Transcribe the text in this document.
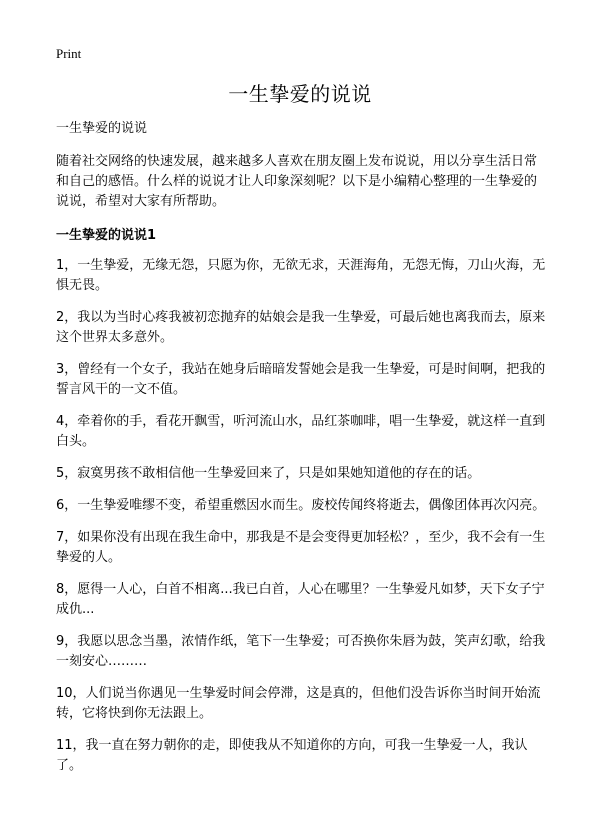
Print
一生挚爱的说说

一生挚爱的说说

随着社交网络的快速发展，越来越多人喜欢在朋友圈上发布说说，用以分享生活日常和自己的感悟。什么样的说说才让人印象深刻呢？以下是小编精心整理的一生挚爱的说说，希望对大家有所帮助。

一生挚爱的说说1

1，一生挚爱，无缘无怨，只愿为你，无欲无求，天涯海角，无怨无悔，刀山火海，无惧无畏。

2，我以为当时心疼我被初恋抛弃的姑娘会是我一生挚爱，可最后她也离我而去，原来这个世界太多意外。

3，曾经有一个女子，我站在她身后暗暗发誓她会是我一生挚爱，可是时间啊，把我的誓言风干的一文不值。

4，牵着你的手，看花开飘雪，听河流山水，品红茶咖啡，唱一生挚爱，就这样一直到白头。

5，寂寞男孩不敢相信他一生挚爱回来了，只是如果她知道他的存在的话。

6，一生挚爱唯缪不变，希望重燃因水而生。废校传闻终将逝去，偶像团体再次闪亮。

7，如果你没有出现在我生命中，那我是不是会变得更加轻松？，至少，我不会有一生挚爱的人。

8，愿得一人心，白首不相离...我已白首，人心在哪里？一生挚爱凡如梦，天下女子宁成仇...

9，我愿以思念当墨，浓情作纸，笔下一生挚爱；可否换你朱唇为鼓，笑声幻歌，给我一刻安心………

10，人们说当你遇见一生挚爱时间会停滞，这是真的，但他们没告诉你当时间开始流转，它将快到你无法跟上。

11，我一直在努力朝你的走，即使我从不知道你的方向，可我一生挚爱一人，我认了。
